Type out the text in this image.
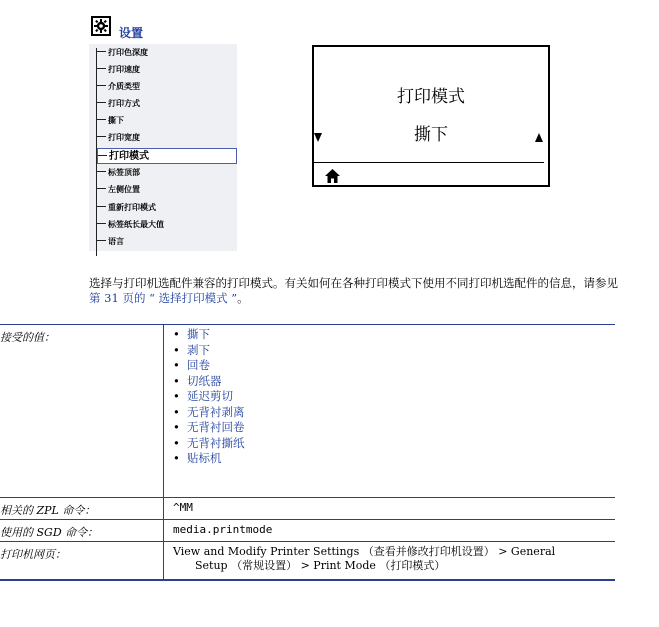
设置
打印色深度
打印速度
介质类型
打印方式
撕下
打印宽度
打印模式
标签顶部
左侧位置
重新打印模式
标签纸长最大值
语言
打印模式
撕下
选择与打印机选配件兼容的打印模式。有关如何在各种打印模式下使用不同打印机选配件的信息，请参见第 31 页的 “ 选择打印模式 ”。
接受的值：	• 撕下
• 剥下
• 回卷
• 切纸器
• 延迟剪切
• 无背衬剥离
• 无背衬回卷
• 无背衬撕纸
• 贴标机
相关的 ZPL 命令：	^MM
使用的 SGD 命令：	media.printmode
打印机网页：	View and Modify Printer Settings （查看并修改打印机设置） > General
Setup （常规设置） > Print Mode （打印模式）
